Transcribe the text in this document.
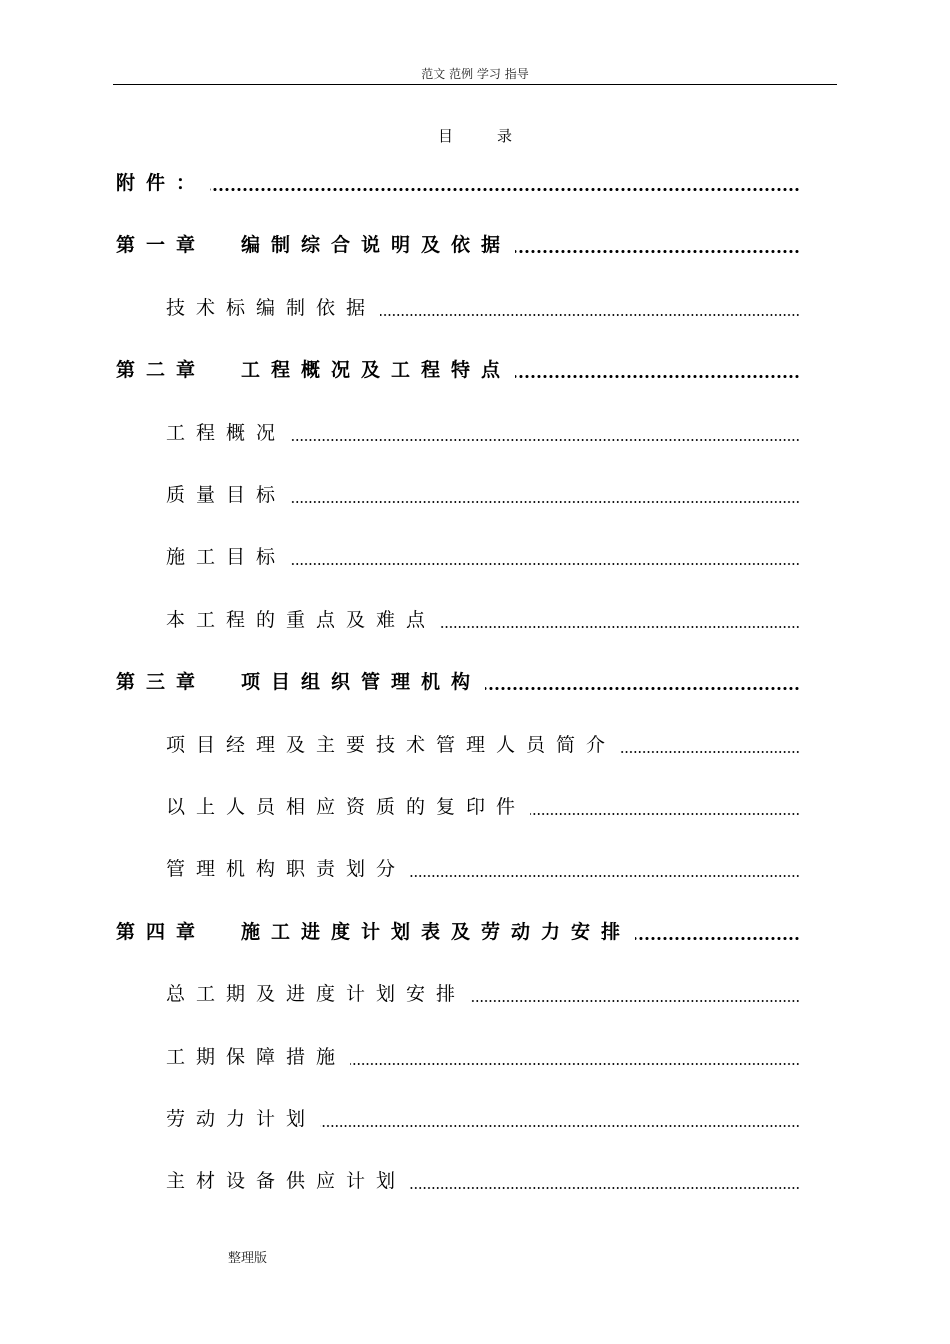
范文 范例 学习 指导
目录
附件：
第一章 编制综合说明及依据
技术标编制依据
第二章 工程概况及工程特点
工程概况
质量目标
施工目标
本工程的重点及难点
第三章 项目组织管理机构
项目经理及主要技术管理人员简介
以上人员相应资质的复印件
管理机构职责划分
第四章 施工进度计划表及劳动力安排
总工期及进度计划安排
工期保障措施
劳动力计划
主材设备供应计划
整理版
